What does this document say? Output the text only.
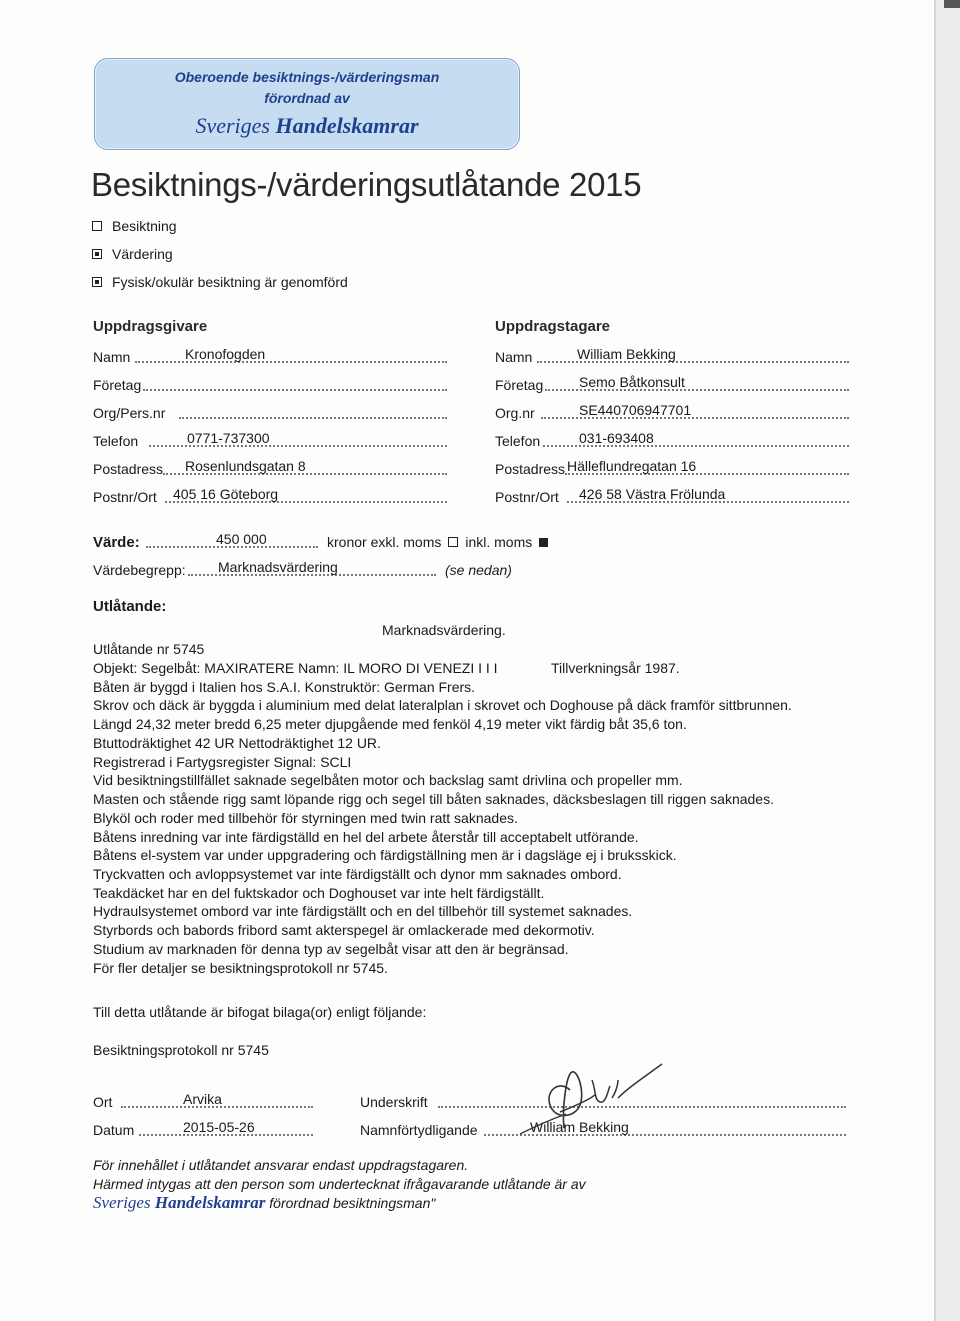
Oberoende besiktnings-/värderingsman
förordnad av
Sveriges Handelskamrar
Besiktnings-/värderingsutlåtande 2015
Besiktning
Värdering
Fysisk/okulär besiktning är genomförd
Uppdragsgivare
Namn	Kronofogden
Företag
Org/Pers.nr
Telefon	0771-737300
Postadress Rosenlundsgatan 8
Postnr/Ort 405 16 Göteborg
Uppdragstagare
Namn	William Bekking
Företag	Semo Båtkonsult
Org.nr	SE440706947701
Telefon	031-693408
Postadress Hälleflundregatan 16
Postnr/Ort 426 58 Västra Frölunda
Värde:	450 000	kronor exkl. moms inkl. moms
Värdebegrepp: Marknadsvärdering	(se nedan)
Utlåtande:
Marknadsvärdering.
Utlåtande nr 5745
Objekt: Segelbåt: MAXIRATERE Namn: IL MORO DI VENEZI I I I	Tillverkningsår 1987.
Båten är byggd i Italien hos S.A.I. Konstruktör: German Frers.
Skrov och däck är byggda i aluminium med delat lateralplan i skrovet och Doghouse på däck framför sittbrunnen.
Längd 24,32 meter bredd 6,25 meter djupgående med fenköl 4,19 meter vikt färdig båt 35,6 ton.
Btuttodräktighet 42 UR Nettodräktighet 12 UR.
Registrerad i Fartygsregister Signal: SCLI
Vid besiktningstillfället saknade segelbåten motor och backslag samt drivlina och propeller mm.
Masten och stående rigg samt löpande rigg och segel till båten saknades, däcksbeslagen till riggen saknades.
Blyköl och roder med tillbehör för styrningen med twin ratt saknades.
Båtens inredning var inte färdigställd en hel del arbete återstår till acceptabelt utförande.
Båtens el-system var under uppgradering och färdigställning men är i dagsläge ej i bruksskick.
Tryckvatten och avloppsystemet var inte färdigställt och dynor mm saknades ombord.
Teakdäcket har en del fuktskador och Doghouset var inte helt färdigställt.
Hydraulsystemet ombord var inte färdigställt och en del tillbehör till systemet saknades.
Styrbords och babords fribord samt akterspegel är omlackerade med dekormotiv.
Studium av marknaden för denna typ av segelbåt visar att den är begränsad.
För fler detaljer se besiktningsprotokoll nr 5745.
Till detta utlåtande är bifogat bilaga(or) enligt följande:
Besiktningsprotokoll nr 5745
Ort	Arvika
Datum	2015-05-26
Underskrift
Namnförtydligande	William Bekking
För innehållet i utlåtandet ansvarar endast uppdragstagaren.
Härmed intygas att den person som undertecknat ifrågavarande utlåtande är av
Sveriges Handelskamrar förordnad besiktningsman"
